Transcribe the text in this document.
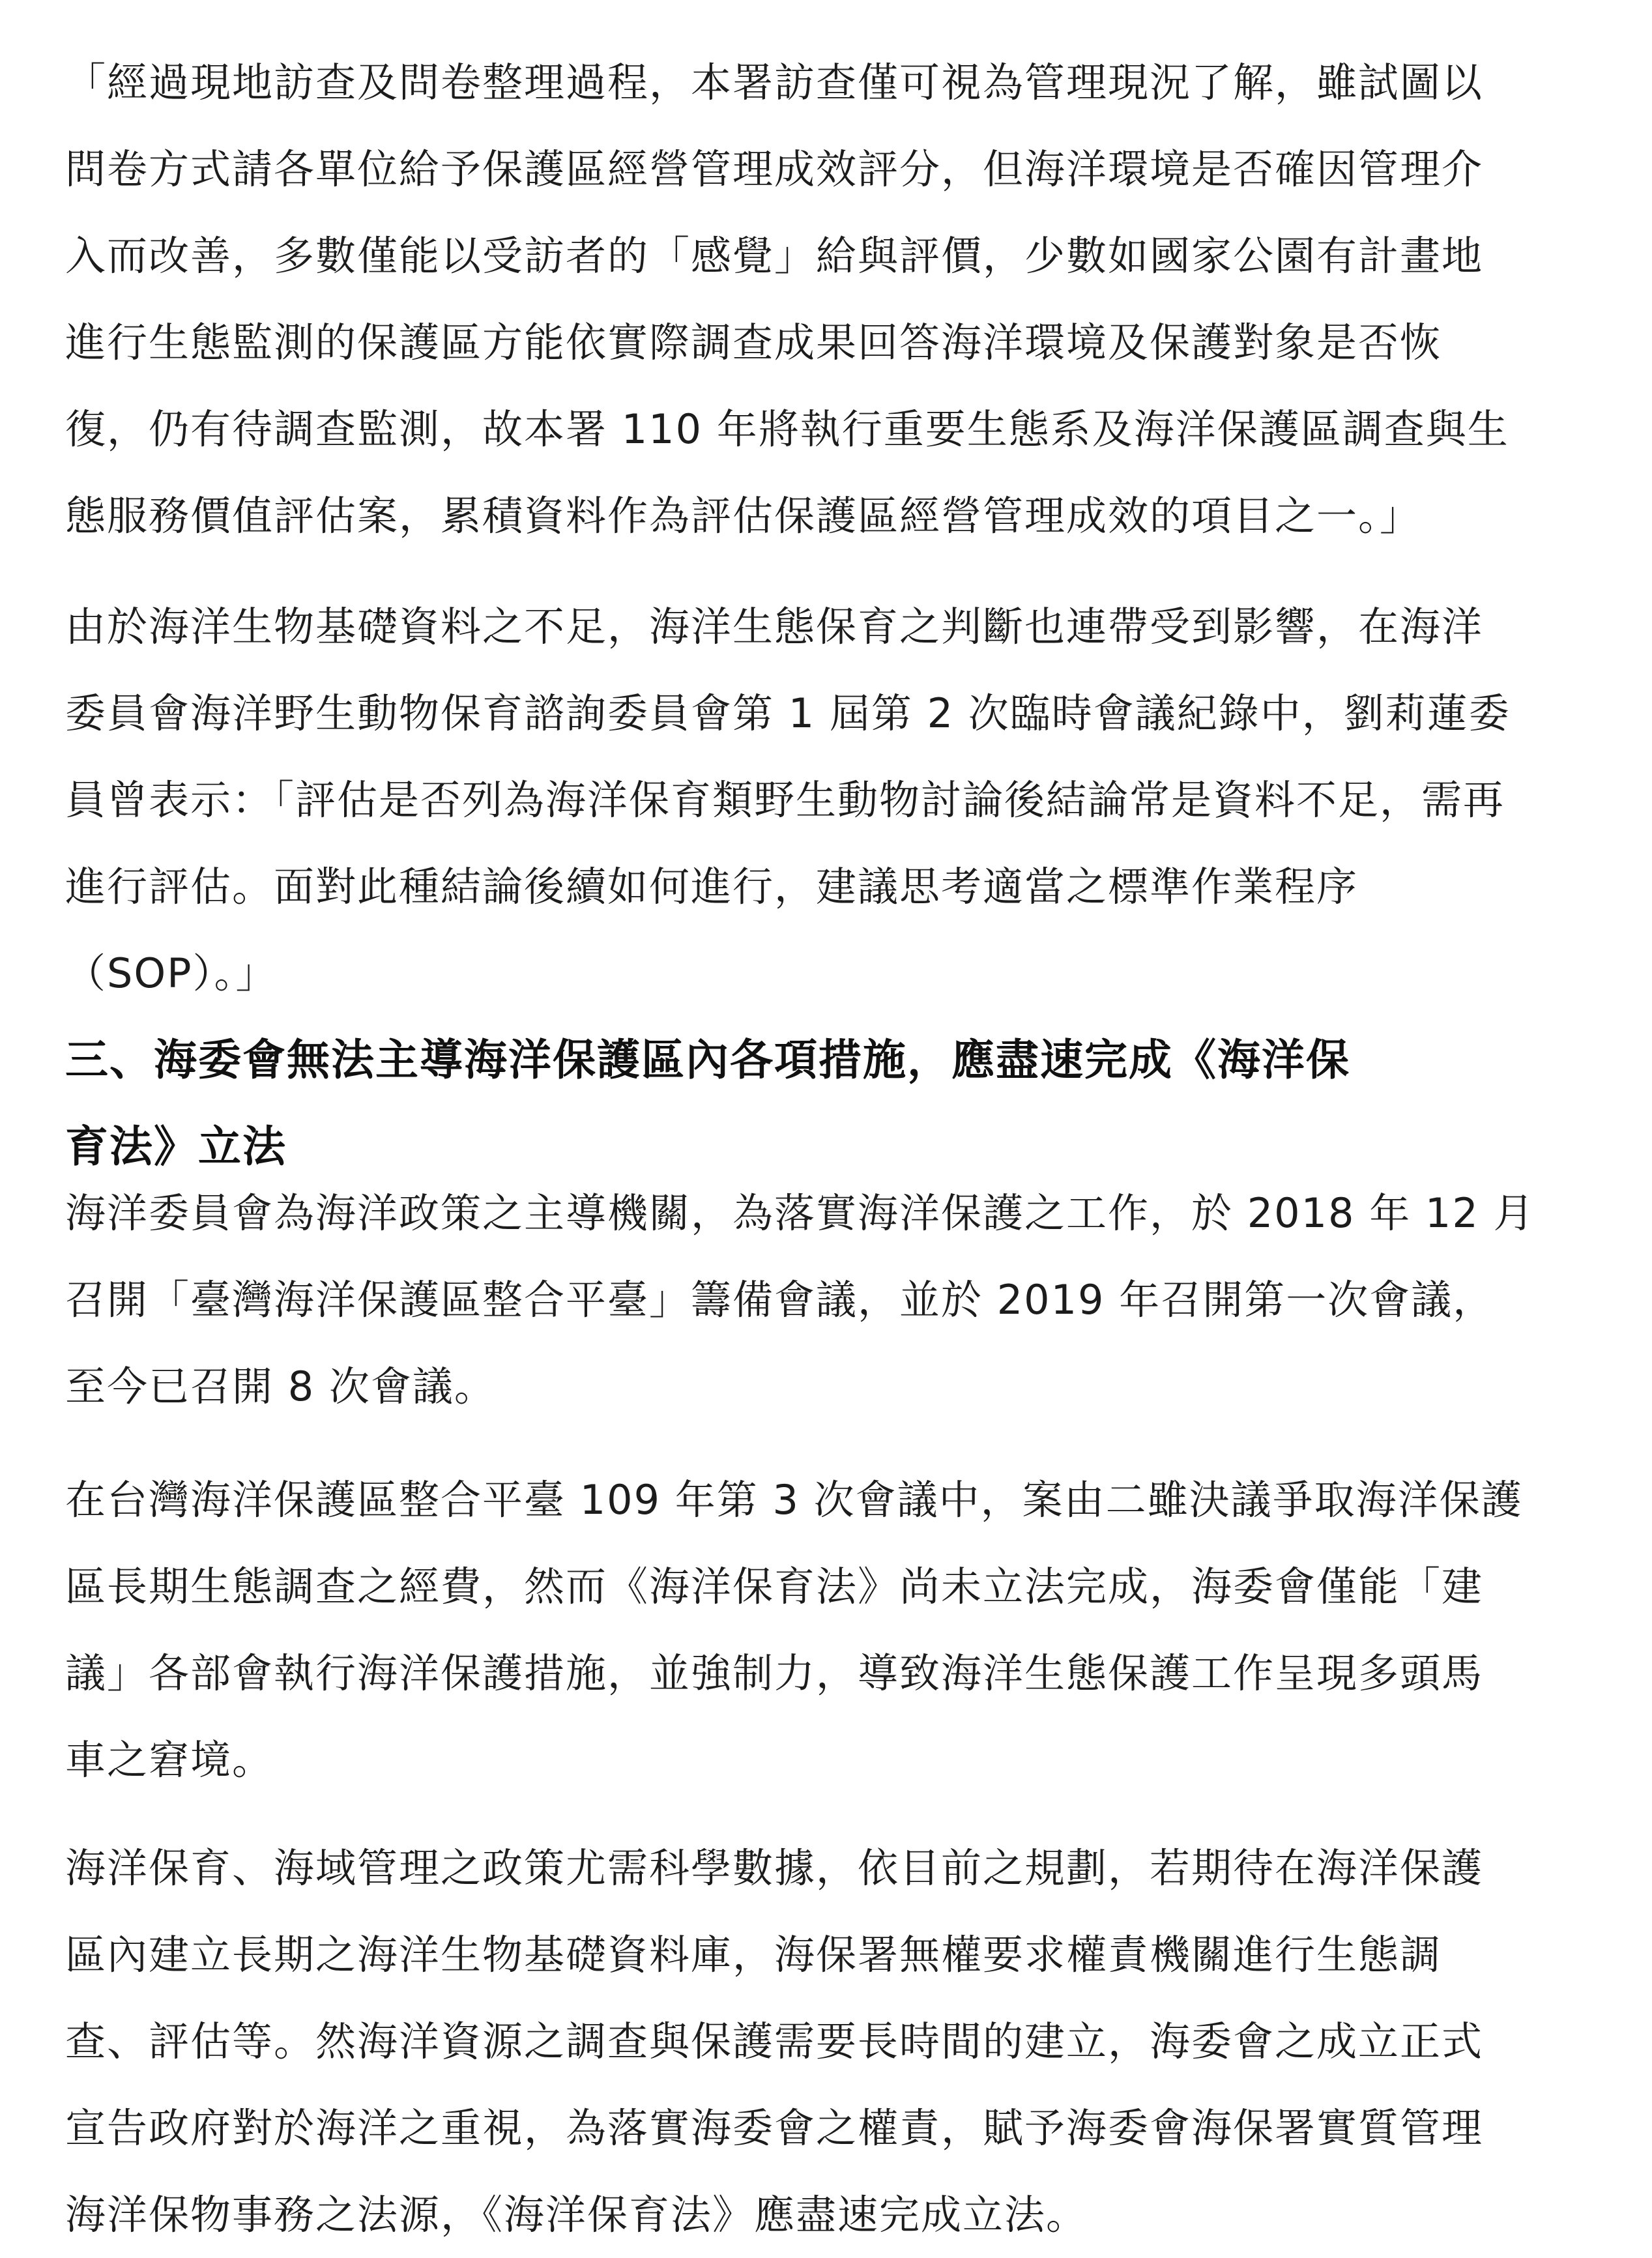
「經過現地訪查及問卷整理過程，本署訪查僅可視為管理現況了解，雖試圖以
問卷方式請各單位給予保護區經營管理成效評分，但海洋環境是否確因管理介
入而改善，多數僅能以受訪者的「感覺」給與評價，少數如國家公園有計畫地
進行生態監測的保護區方能依實際調查成果回答海洋環境及保護對象是否恢
復，仍有待調查監測，故本署 110 年將執行重要生態系及海洋保護區調查與生
態服務價值評估案，累積資料作為評估保護區經營管理成效的項目之一。」
由於海洋生物基礎資料之不足，海洋生態保育之判斷也連帶受到影響，在海洋
委員會海洋野生動物保育諮詢委員會第 1 屆第 2 次臨時會議紀錄中，劉莉蓮委
員曾表示：「評估是否列為海洋保育類野生動物討論後結論常是資料不足，需再
進行評估。面對此種結論後續如何進行，建議思考適當之標準作業程序
（SOP）。」
三、海委會無法主導海洋保護區內各項措施，應盡速完成《海洋保
育法》立法
海洋委員會為海洋政策之主導機關，為落實海洋保護之工作，於 2018 年 12 月
召開「臺灣海洋保護區整合平臺」籌備會議，並於 2019 年召開第一次會議，
至今已召開 8 次會議。
在台灣海洋保護區整合平臺 109 年第 3 次會議中，案由二雖決議爭取海洋保護
區長期生態調查之經費，然而《海洋保育法》尚未立法完成，海委會僅能「建
議」各部會執行海洋保護措施，並強制力，導致海洋生態保護工作呈現多頭馬
車之窘境。
海洋保育、海域管理之政策尤需科學數據，依目前之規劃，若期待在海洋保護
區內建立長期之海洋生物基礎資料庫，海保署無權要求權責機關進行生態調
查、評估等。然海洋資源之調查與保護需要長時間的建立，海委會之成立正式
宣告政府對於海洋之重視，為落實海委會之權責，賦予海委會海保署實質管理
海洋保物事務之法源，《海洋保育法》應盡速完成立法。
